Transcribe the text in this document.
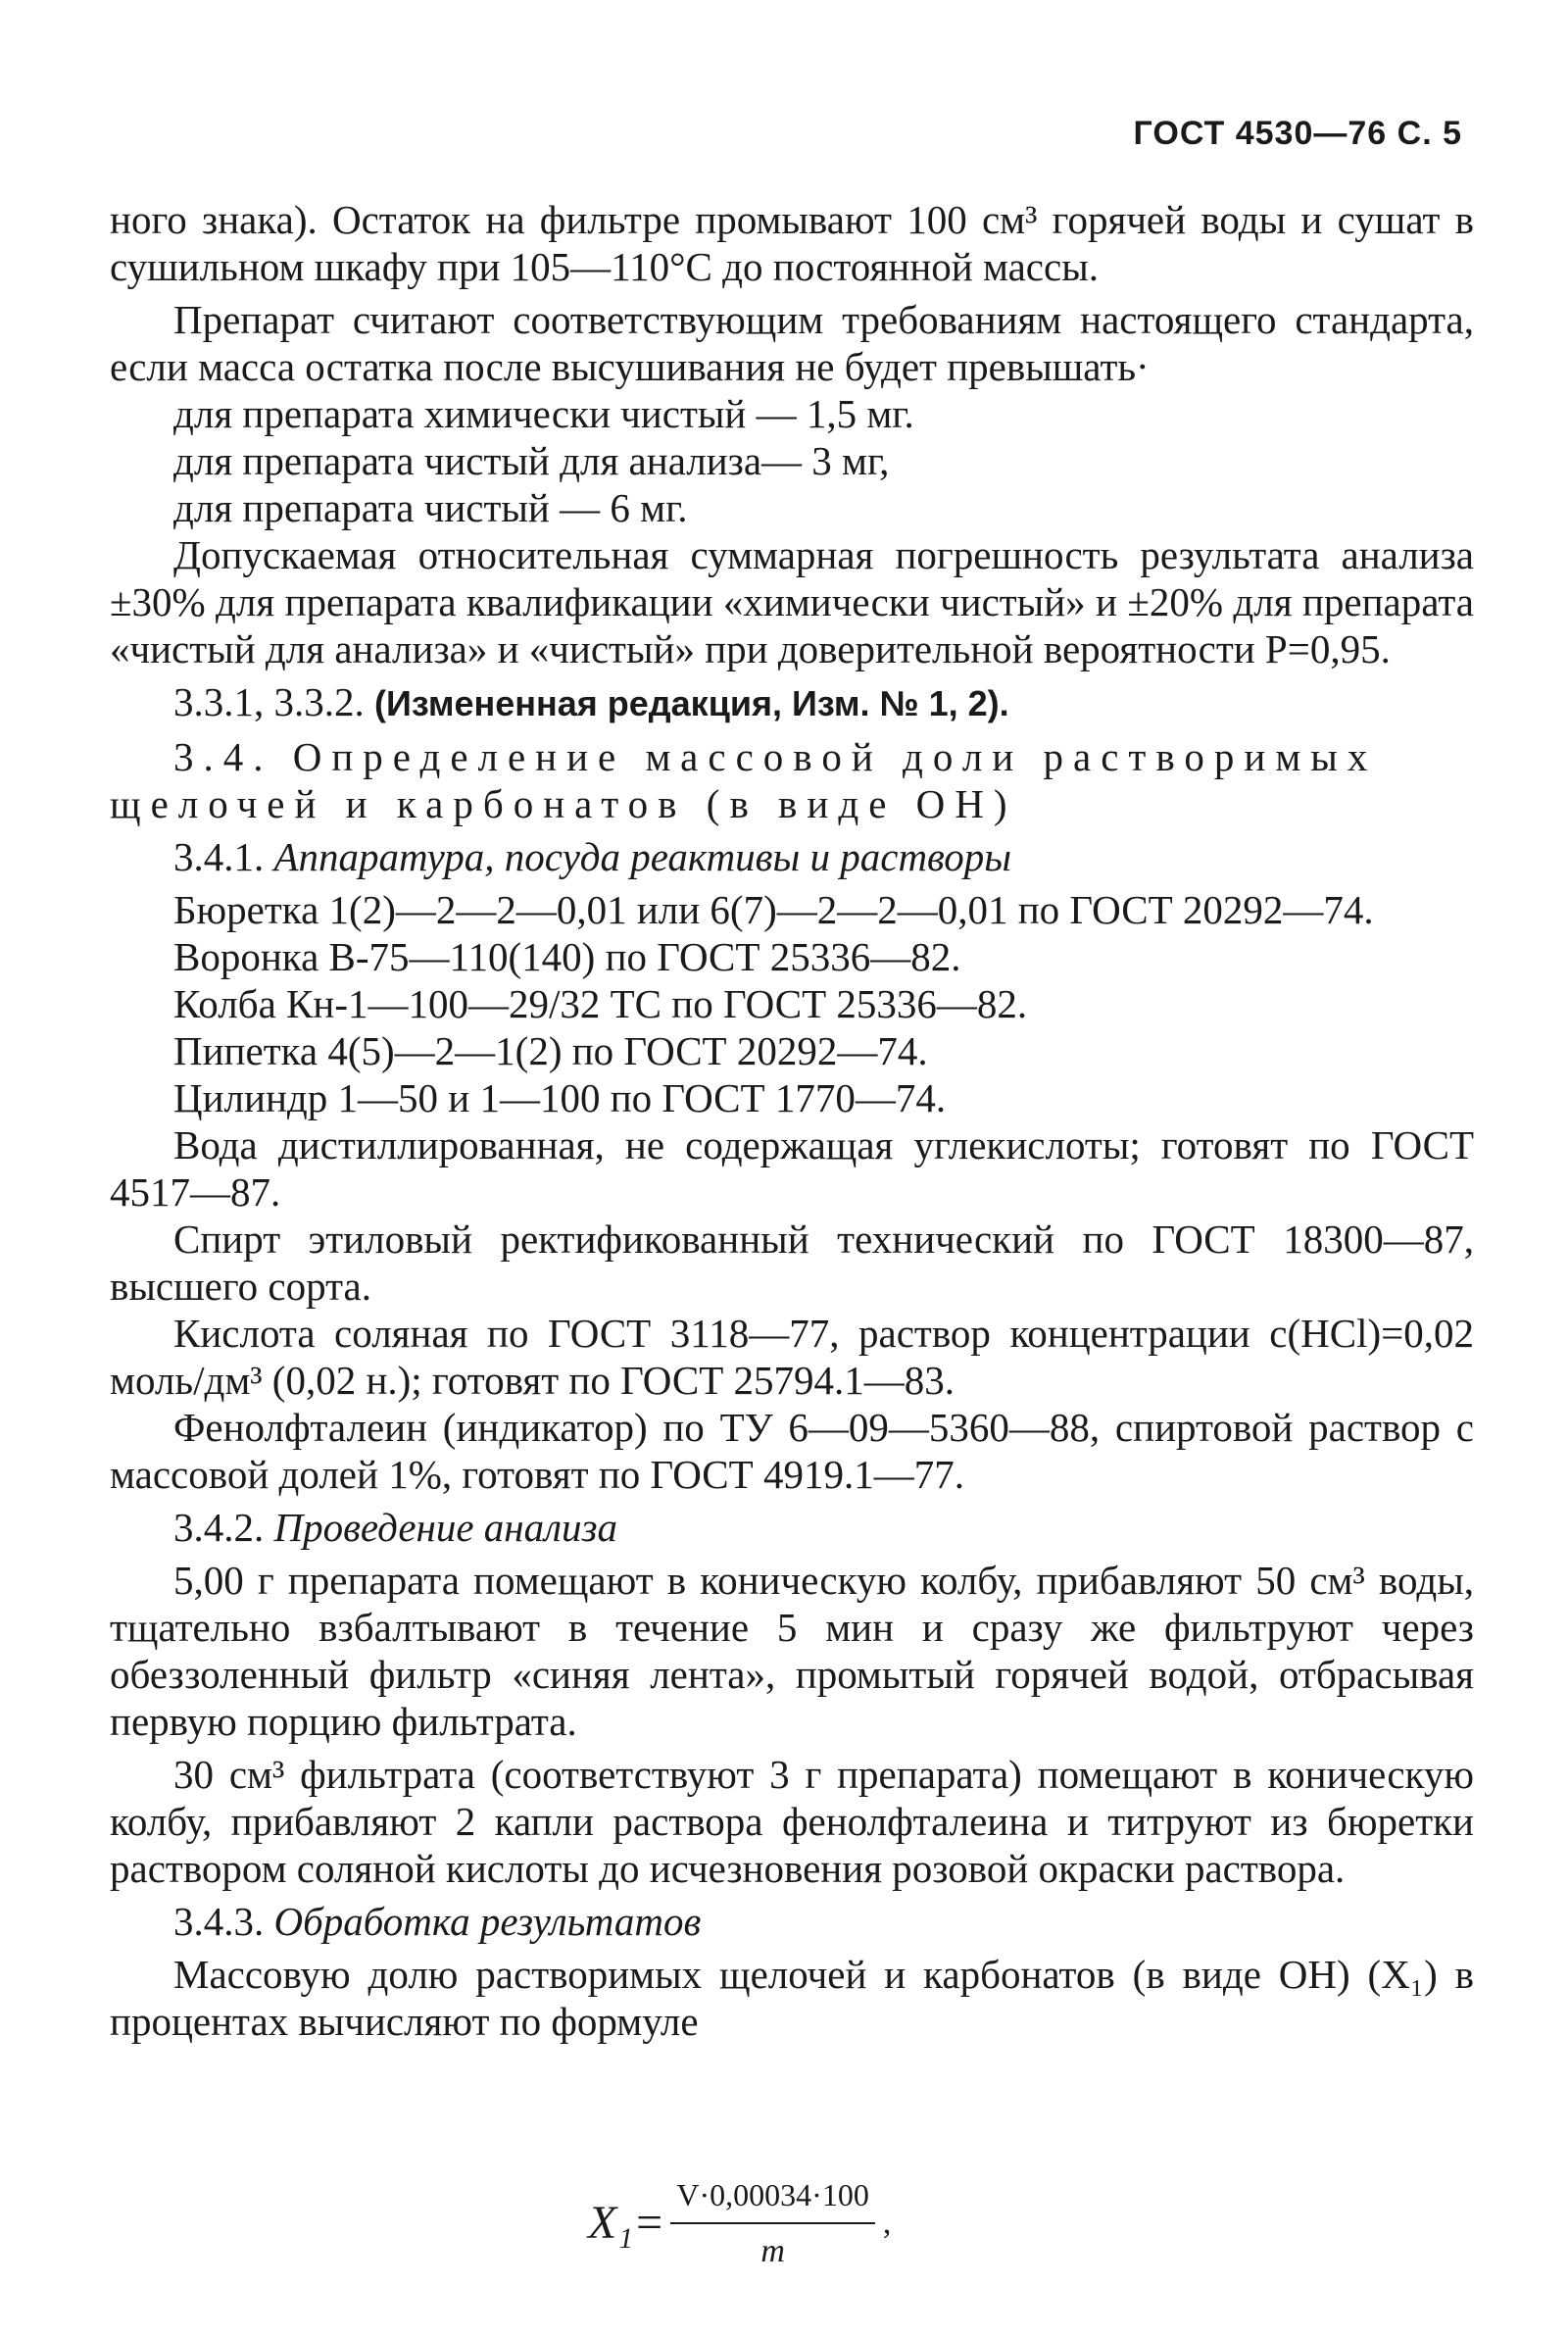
ГОСТ 4530—76 С. 5

ного знака). Остаток на фильтре промывают 100 см³ горячей воды и сушат в сушильном шкафу при 105—110°С до постоянной массы.

Препарат считают соответствующим требованиям настоящего стандарта, если масса остатка после высушивания не будет превышать·

для препарата химически чистый — 1,5 мг.

для препарата чистый для анализа— 3 мг,

для препарата чистый — 6 мг.

Допускаемая относительная суммарная погрешность результата анализа ±30% для препарата квалификации «химически чистый» и ±20% для препарата «чистый для анализа» и «чистый» при доверительной вероятности P=0,95.

3.3.1, 3.3.2. (Измененная редакция, Изм. № 1, 2).

3.4. Определение массовой доли растворимых щелочей и карбонатов (в виде ОН)

3.4.1. Аппаратура, посуда реактивы и растворы

Бюретка 1(2)—2—2—0,01 или 6(7)—2—2—0,01 по ГОСТ 20292—74.

Воронка В-75—110(140) по ГОСТ 25336—82.

Колба Кн-1—100—29/32 ТС по ГОСТ 25336—82.

Пипетка 4(5)—2—1(2) по ГОСТ 20292—74.

Цилиндр 1—50 и 1—100 по ГОСТ 1770—74.

Вода дистиллированная, не содержащая углекислоты; готовят по ГОСТ 4517—87.

Спирт этиловый ректификованный технический по ГОСТ 18300—87, высшего сорта.

Кислота соляная по ГОСТ 3118—77, раствор концентрации c(HCl)=0,02 моль/дм³ (0,02 н.); готовят по ГОСТ 25794.1—83.

Фенолфталеин (индикатор) по ТУ 6—09—5360—88, спиртовой раствор с массовой долей 1%, готовят по ГОСТ 4919.1—77.

3.4.2. Проведение анализа

5,00 г препарата помещают в коническую колбу, прибавляют 50 см³ воды, тщательно взбалтывают в течение 5 мин и сразу же фильтруют через обеззоленный фильтр «синяя лента», промытый горячей водой, отбрасывая первую порцию фильтрата.

30 см³ фильтрата (соответствуют 3 г препарата) помещают в коническую колбу, прибавляют 2 капли раствора фенолфталеина и титруют из бюретки раствором соляной кислоты до исчезновения розовой окраски раствора.

3.4.3. Обработка результатов

Массовую долю растворимых щелочей и карбонатов (в виде ОН) (X₁) в процентах вычисляют по формуле

$X_1= \frac{V\cdot 0,00034\cdot 100}{m}$ ,
